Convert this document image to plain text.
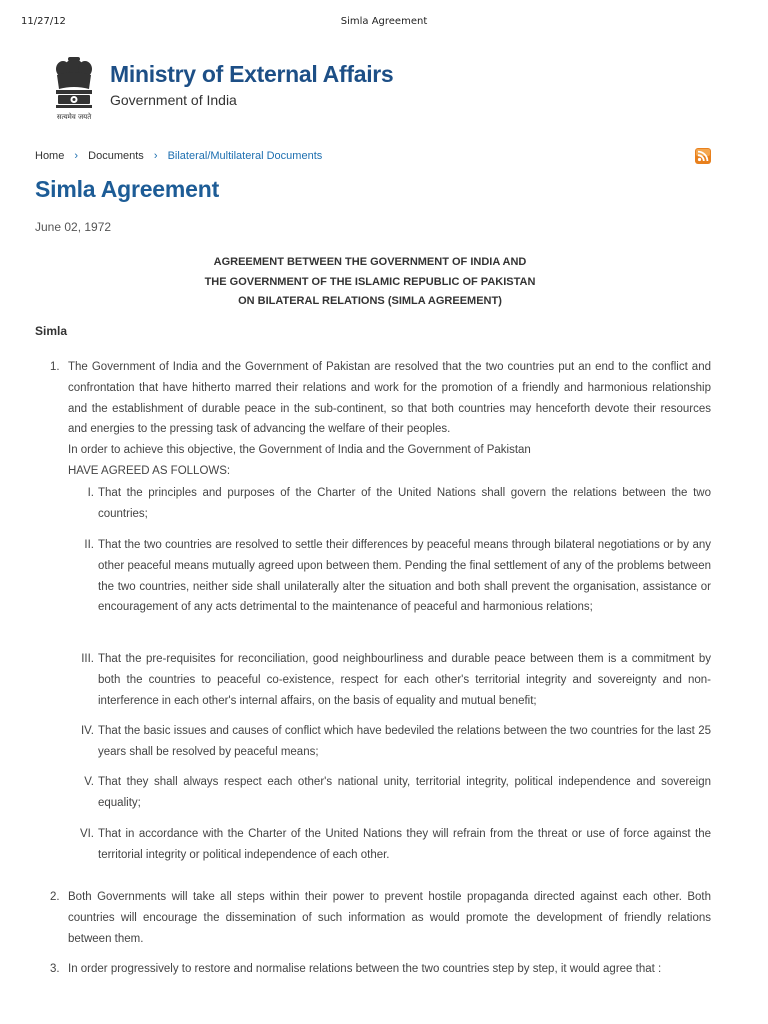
11/27/12	Simla Agreement
सत्यमेव जयते
Ministry of External Affairs
Government of India
Home › Documents › Bilateral/Multilateral Documents
Simla Agreement
June 02, 1972
AGREEMENT BETWEEN THE GOVERNMENT OF INDIA AND
THE GOVERNMENT OF THE ISLAMIC REPUBLIC OF PAKISTAN
ON BILATERAL RELATIONS (SIMLA AGREEMENT)
Simla
1. The Government of India and the Government of Pakistan are resolved that the two countries put an end to the conflict and confrontation that have hitherto marred their relations and work for the promotion of a friendly and harmonious relationship and the establishment of durable peace in the sub-continent, so that both countries may henceforth devote their resources and energies to the pressing task of advancing the welfare of their peoples.
In order to achieve this objective, the Government of India and the Government of Pakistan
HAVE AGREED AS FOLLOWS:
I. That the principles and purposes of the Charter of the United Nations shall govern the relations between the two countries;
II. That the two countries are resolved to settle their differences by peaceful means through bilateral negotiations or by any other peaceful means mutually agreed upon between them. Pending the final settlement of any of the problems between the two countries, neither side shall unilaterally alter the situation and both shall prevent the organisation, assistance or encouragement of any acts detrimental to the maintenance of peaceful and harmonious relations;
III. That the pre-requisites for reconciliation, good neighbourliness and durable peace between them is a commitment by both the countries to peaceful co-existence, respect for each other's territorial integrity and sovereignty and non-interference in each other's internal affairs, on the basis of equality and mutual benefit;
IV. That the basic issues and causes of conflict which have bedeviled the relations between the two countries for the last 25 years shall be resolved by peaceful means;
V. That they shall always respect each other's national unity, territorial integrity, political independence and sovereign equality;
VI. That in accordance with the Charter of the United Nations they will refrain from the threat or use of force against the territorial integrity or political independence of each other.
2. Both Governments will take all steps within their power to prevent hostile propaganda directed against each other. Both countries will encourage the dissemination of such information as would promote the development of friendly relations between them.
3. In order progressively to restore and normalise relations between the two countries step by step, it would agree that :
